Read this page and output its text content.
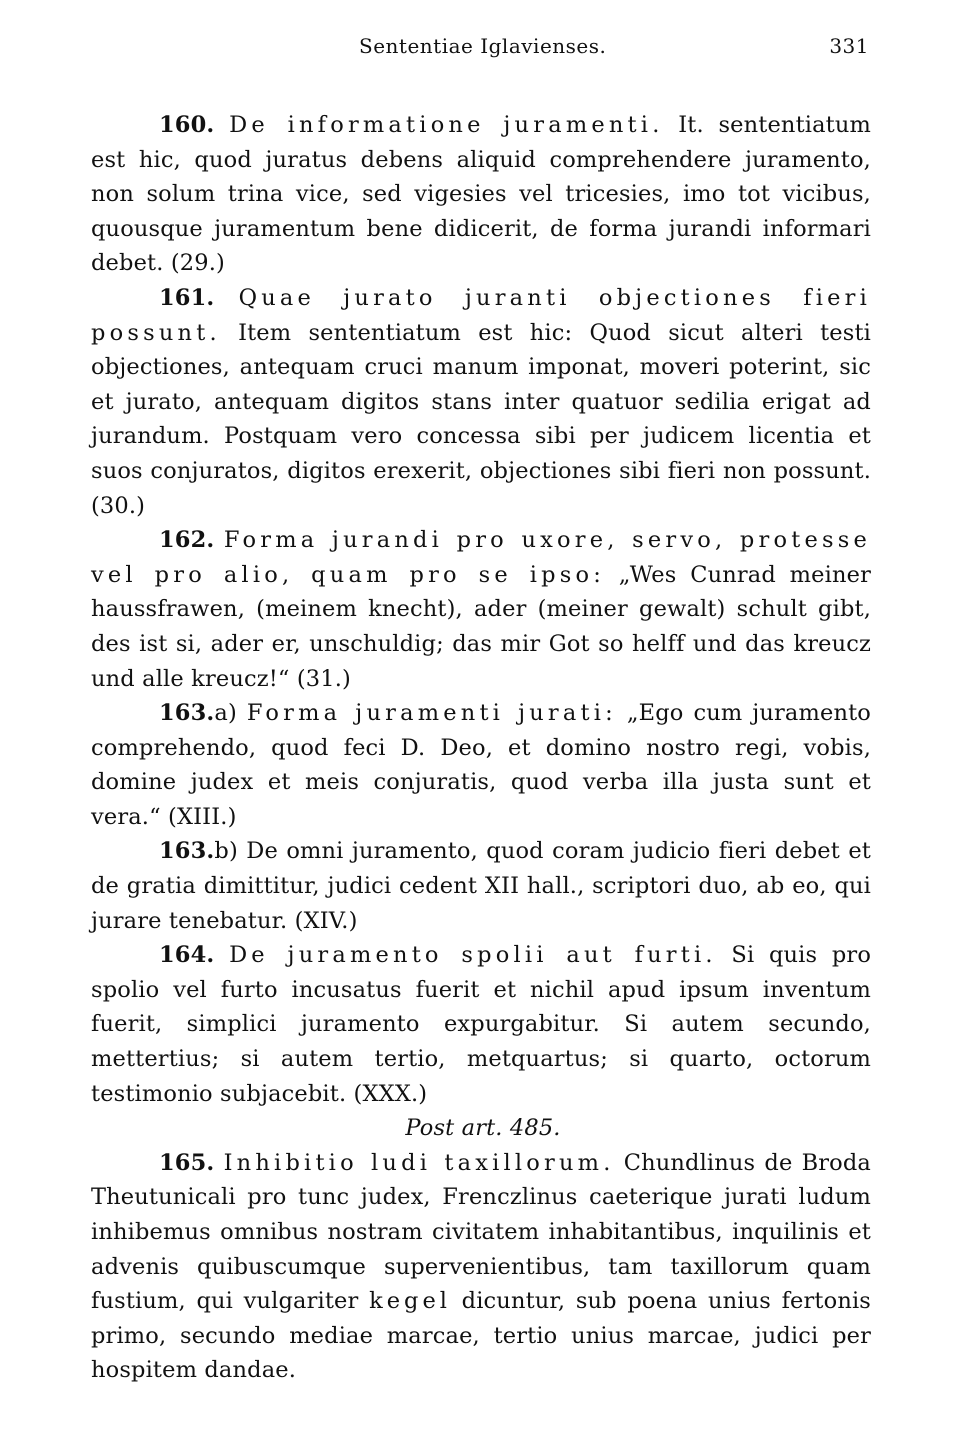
Sententiae Iglavienses.	331

160. De informatione juramenti. It. sententiatum est hic, quod juratus debens aliquid comprehendere juramento, non solum trina vice, sed vigesies vel tricesies, imo tot vicibus, quousque juramentum bene didicerit, de forma jurandi informari debet. (29.)

161. Quae jurato juranti objectiones fieri possunt. Item sententiatum est hic: Quod sicut alteri testi objectiones, antequam cruci manum imponat, moveri poterint, sic et jurato, antequam digitos stans inter quatuor sedilia erigat ad jurandum. Postquam vero concessa sibi per judicem licentia et suos conjuratos, digitos erexerit, objectiones sibi fieri non possunt. (30.)

162. Forma jurandi pro uxore, servo, protesse vel pro alio, quam pro se ipso: „Wes Cunrad meiner haussfrawen, (meinem knecht), ader (meiner gewalt) schult gibt, des ist si, ader er, unschuldig; das mir Got so helff und das kreucz und alle kreucz!“ (31.)

163.a) Forma juramenti jurati: „Ego cum juramento comprehendo, quod feci D. Deo, et domino nostro regi, vobis, domine judex et meis conjuratis, quod verba illa justa sunt et vera.“ (XIII.)

163.b) De omni juramento, quod coram judicio fieri debet et de gratia dimittitur, judici cedent XII hall., scriptori duo, ab eo, qui jurare tenebatur. (XIV.)

164. De juramento spolii aut furti. Si quis pro spolio vel furto incusatus fuerit et nichil apud ipsum inventum fuerit, simplici juramento expurgabitur. Si autem secundo, mettertius; si autem tertio, metquartus; si quarto, octorum testimonio subjacebit. (XXX.)

Post art. 485.

165. Inhibitio ludi taxillorum. Chundlinus de Broda Theutunicali pro tunc judex, Frenczlinus caeterique jurati ludum inhibemus omnibus nostram civitatem inhabitantibus, inquilinis et advenis quibuscumque supervenientibus, tam taxillorum quam fustium, qui vulgariter kegel dicuntur, sub poena unius fertonis primo, secundo mediae marcae, tertio unius marcae, judici per hospitem dandae.
